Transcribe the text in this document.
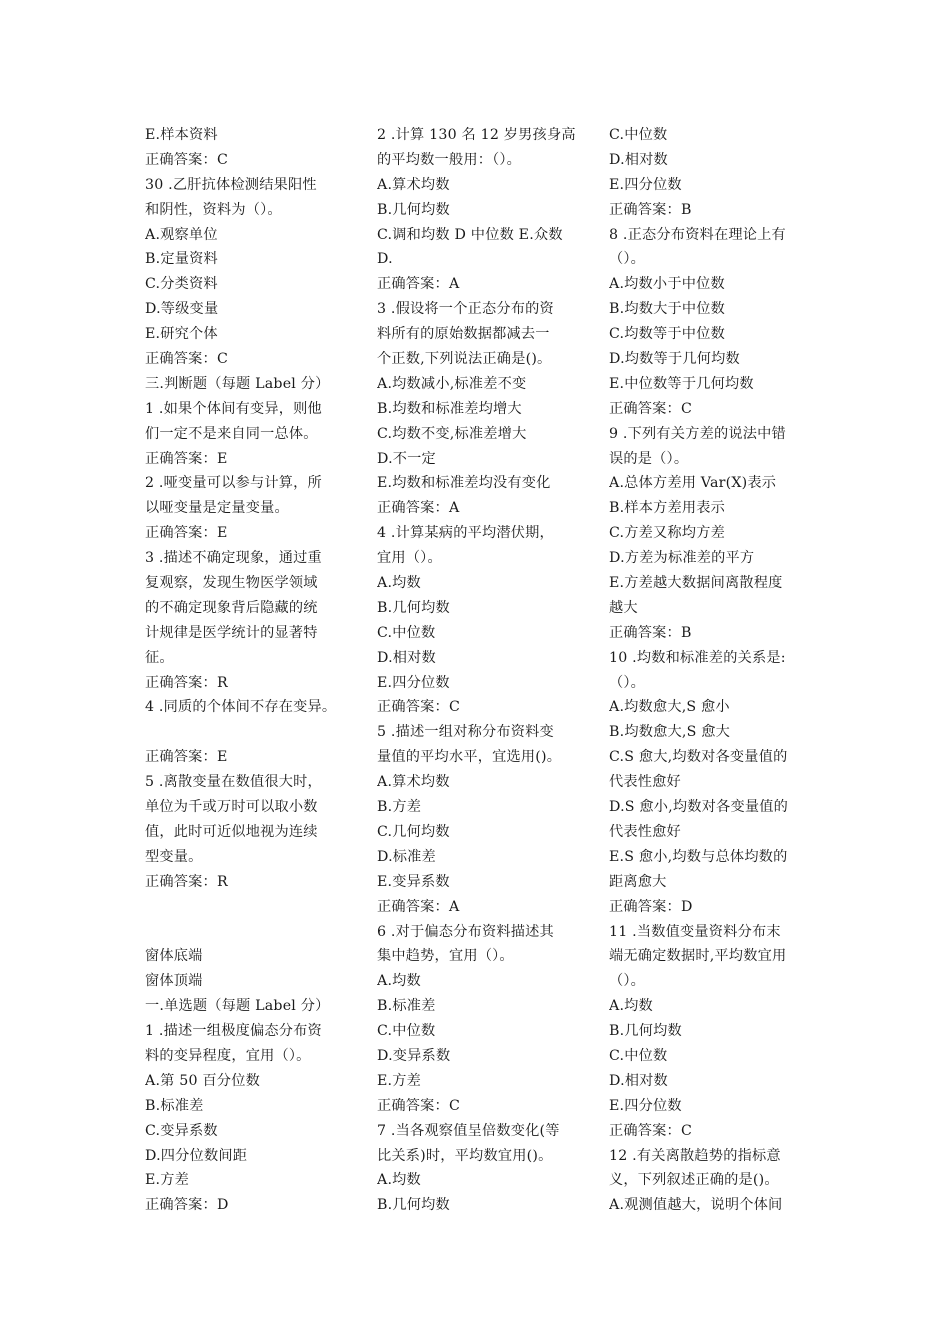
E.样本资料
正确答案：C
30 .乙肝抗体检测结果阳性
和阴性，资料为（）。
A.观察单位
B.定量资料
C.分类资料
D.等级变量
E.研究个体
正确答案：C
三.判断题（每题 Label 分）
1 .如果个体间有变异，则他
们一定不是来自同一总体。
正确答案：E
2 .哑变量可以参与计算，所
以哑变量是定量变量。
正确答案：E
3 .描述不确定现象，通过重
复观察，发现生物医学领域
的不确定现象背后隐藏的统
计规律是医学统计的显著特
征。
正确答案：R
4 .同质的个体间不存在变异。
正确答案：E
5 .离散变量在数值很大时，
单位为千或万时可以取小数
值，此时可近似地视为连续
型变量。
正确答案：R
窗体底端
窗体顶端
一.单选题（每题 Label 分）
1 .描述一组极度偏态分布资
料的变异程度，宜用（）。
A.第 50 百分位数
B.标准差
C.变异系数
D.四分位数间距
E.方差
正确答案：D
2 .计算 130 名 12 岁男孩身高
的平均数一般用：（）。
A.算术均数
B.几何均数
C.调和均数 D 中位数 E.众数
D.
正确答案：A
3 .假设将一个正态分布的资
料所有的原始数据都减去一
个正数,下列说法正确是()。
A.均数减小,标准差不变
B.均数和标准差均增大
C.均数不变,标准差增大
D.不一定
E.均数和标准差均没有变化
正确答案：A
4 .计算某病的平均潜伏期，
宜用（）。
A.均数
B.几何均数
C.中位数
D.相对数
E.四分位数
正确答案：C
5 .描述一组对称分布资料变
量值的平均水平，宜选用()。
A.算术均数
B.方差
C.几何均数
D.标准差
E.变异系数
正确答案：A
6 .对于偏态分布资料描述其
集中趋势，宜用（）。
A.均数
B.标准差
C.中位数
D.变异系数
E.方差
正确答案：C
7 .当各观察值呈倍数变化(等
比关系)时，平均数宜用()。
A.均数
B.几何均数
C.中位数
D.相对数
E.四分位数
正确答案：B
8 .正态分布资料在理论上有
（）。
A.均数小于中位数
B.均数大于中位数
C.均数等于中位数
D.均数等于几何均数
E.中位数等于几何均数
正确答案：C
9 .下列有关方差的说法中错
误的是（）。
A.总体方差用 Var(X)表示
B.样本方差用表示
C.方差又称均方差
D.方差为标准差的平方
E.方差越大数据间离散程度
越大
正确答案：B
10 .均数和标准差的关系是:
（）。
A.均数愈大,S 愈小
B.均数愈大,S 愈大
C.S 愈大,均数对各变量值的
代表性愈好
D.S 愈小,均数对各变量值的
代表性愈好
E.S 愈小,均数与总体均数的
距离愈大
正确答案：D
11 .当数值变量资料分布末
端无确定数据时,平均数宜用
（）。
A.均数
B.几何均数
C.中位数
D.相对数
E.四分位数
正确答案：C
12 .有关离散趋势的指标意
义，下列叙述正确的是()。
A.观测值越大，说明个体间
